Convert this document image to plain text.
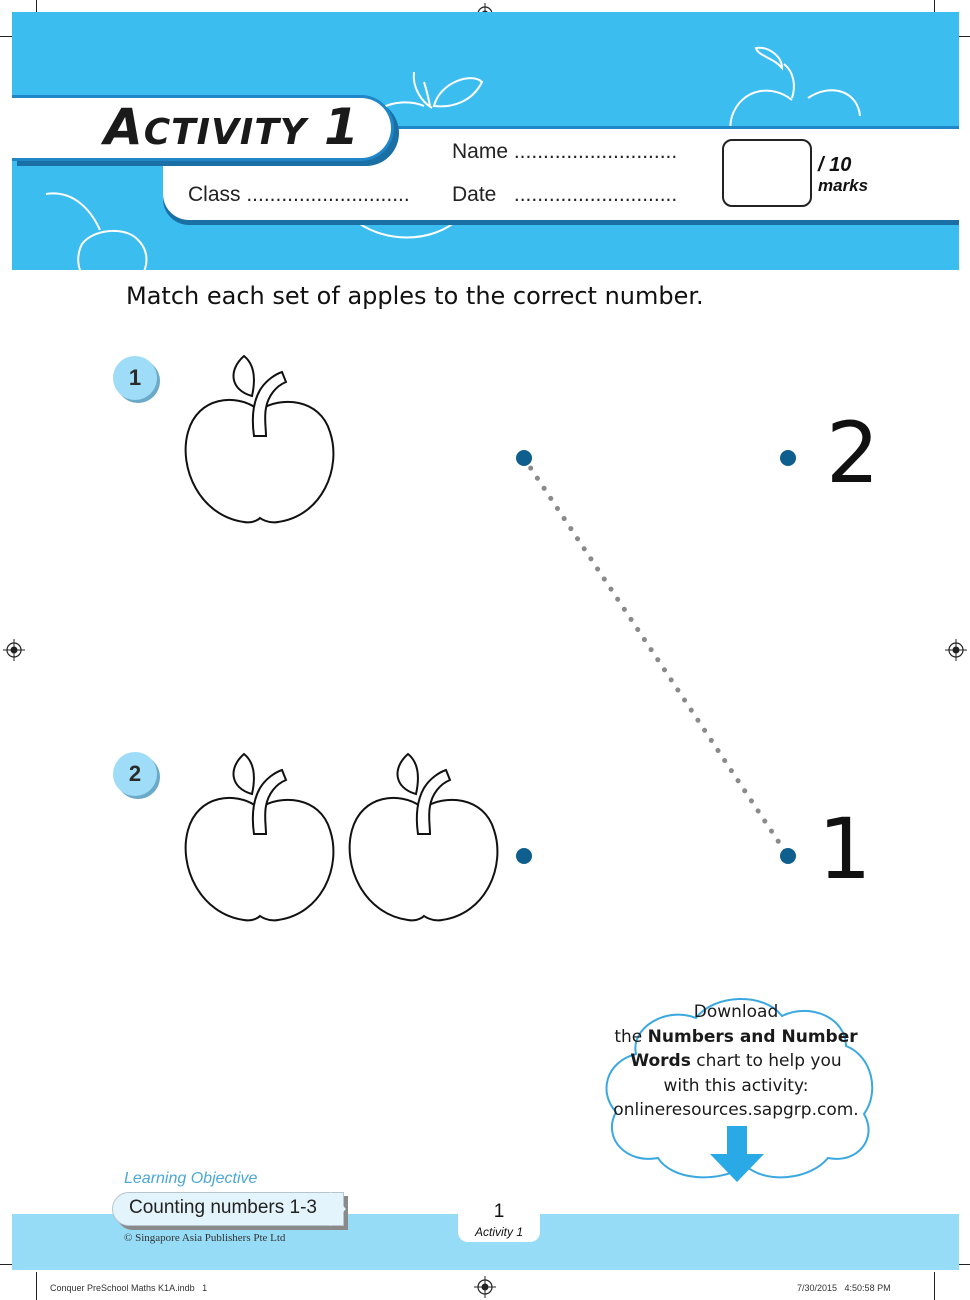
ACTIVITY 1	Name ............................
Class ............................ Date   ............................
/ 10
marks
Match each set of apples to the correct number.
1
2
2
1
Download
the Numbers and Number
Words chart to help you
with this activity:
onlineresources.sapgrp.com.
Learning Objective
Counting numbers 1-3
© Singapore Asia Publishers Pte Ltd
1
Activity 1
Conquer PreSchool Maths K1A.indb   1	7/30/2015   4:50:58 PM
